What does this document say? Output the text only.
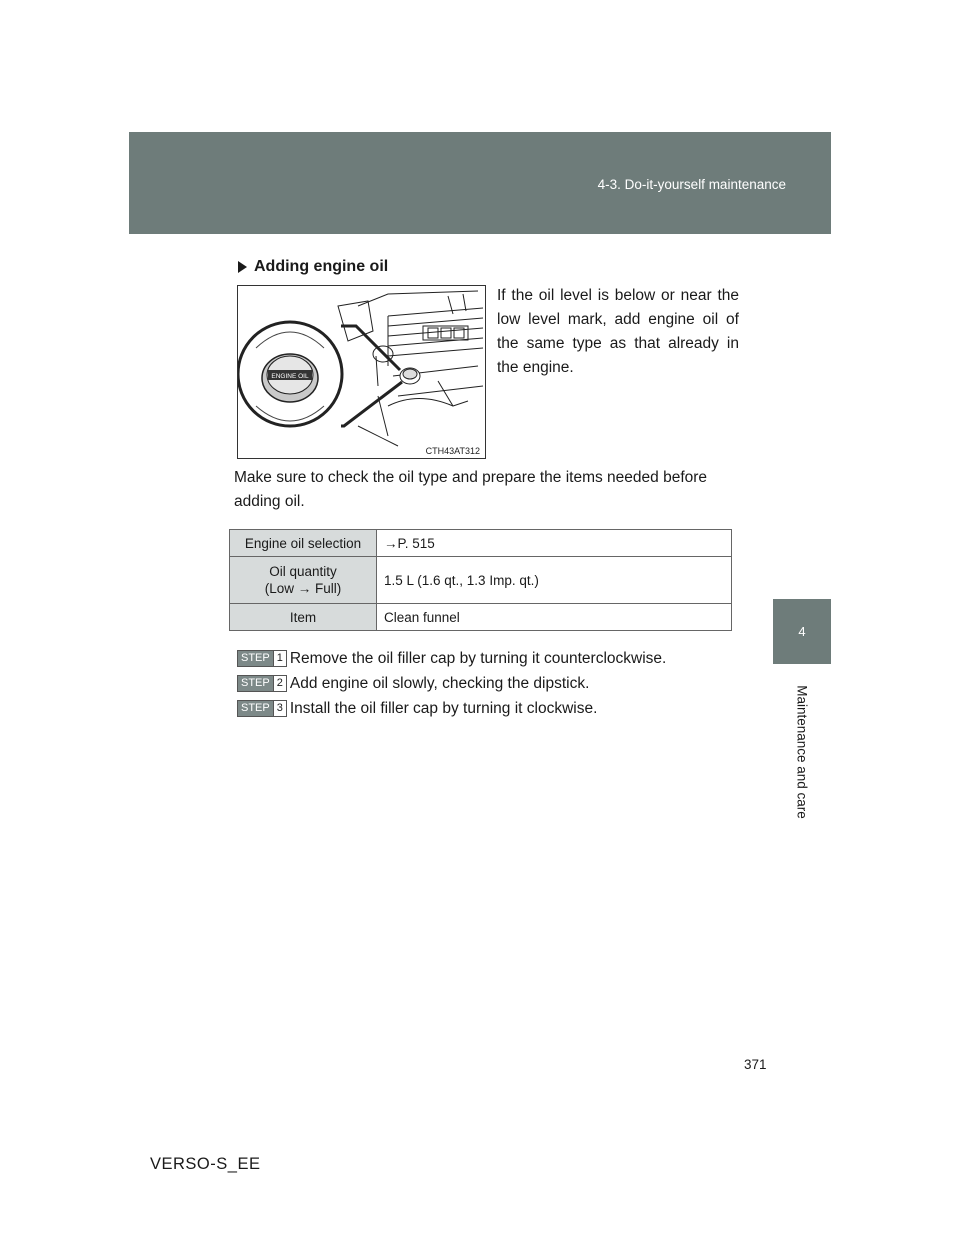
4-3. Do-it-yourself maintenance
4
Maintenance and care
Adding engine oil
ENGINE OIL
CTH43AT312
If the oil level is below or near the low level mark, add engine oil of the same type as that already in the engine.
Make sure to check the oil type and prepare the items needed before adding oil.
Engine oil selection	→P. 515

Oil quantity
(Low → Full)	1.5 L (1.6 qt., 1.3 Imp. qt.)
Item	Clean funnel
STEP 1 Remove the oil filler cap by turning it counterclockwise.
STEP 2 Add engine oil slowly, checking the dipstick.
STEP 3 Install the oil filler cap by turning it clockwise.
371
VERSO-S_EE
